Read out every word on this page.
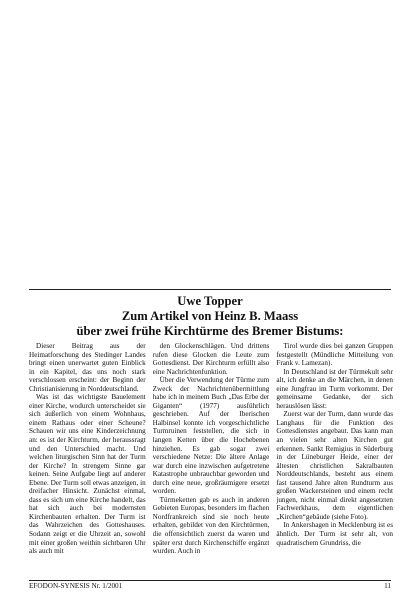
Uwe Topper
Zum Artikel von Heinz B. Maass
über zwei frühe Kirchtürme des Bremer Bistums:

Dieser Beitrag aus der Heimatforschung des Stedinger Landes bringt einen unerwartet guten Einblick in ein Kapitel, das uns noch stark verschlossen erscheint: der Beginn der Christianisierung in Norddeutschland.

Was ist das wichtigste Bauelement einer Kirche, wodurch unterscheidet sie sich äußerlich von einem Wohnhaus, einem Rathaus oder einer Scheune? Schauen wir uns eine Kinderzeichnung an: es ist der Kirchturm, der heraussragt und den Unterschied macht. Und welchen liturgischen Sinn hat der Turm der Kirche? In strengem Sinne gar keinen. Seine Aufgabe liegt auf anderer Ebene. Der Turm soll etwas anzeigen, in dreifacher Hinsicht. Zunächst einmal, dass es sich um eine Kirche handelt, das hat sich auch bei modernsten Kirchenbauten erhalten. Der Turm ist das Wahrzeichen des Gotteshauses. Sodann zeigt er die Uhrzeit an, sowohl mit einer großen weithin sichtbaren Uhr als auch mit

den Glockenschlägen. Und drittens rufen diese Glocken die Leute zum Gottesdienst. Der Kirchturm erfüllt also eine Nachrichtenfunktion.

Über die Verwendung der Türme zum Zweck der Nachrichtenübermittlung habe ich in meinem Buch „Das Erbe der Giganten“ (1977) ausführlich geschrieben. Auf der Iberischen Halbinsel konnte ich vorgeschichtliche Turmruinen feststellen, die sich in langen Ketten über die Hochebenen hinziehen. Es gab sogar zwei verschiedene Netze: Die ältere Anlage war durch eine inzwischen aufgetretene Katastrophe unbrauchbar geworden und durch eine neue, großräumigere ersetzt worden.

Türmeketten gab es auch in anderen Gebieten Europas, besonders im flachen Nordfrankreich sind sie noch heute erhalten, gebildet von den Kirchtürmen, die offensichtlich zuerst da waren und später erst durch Kirchenschiffe ergänzt wurden. Auch in

Tirol wurde dies bei ganzen Gruppen festgestellt (Mündliche Mitteilung von Frank v. Lamezan).

In Deutschland ist der Türmekult sehr alt, ich denke an die Märchen, in denen eine Jungfrau im Turm vorkommt. Der gemeinsame Gedanke, der sich herauslösen lässt:

Zuerst war der Turm, dann wurde das Langhaus für die Funktion des Gottesdienstes angebaut. Das kann man an vielen sehr alten Kirchen gut erkennen. Sankt Remigius in Süderburg in der Lüneburger Heide, einer der ältesten christlichen Sakralbauten Norddeutschlands, besteht aus einem fast tausend Jahre alten Rundturm aus großen Wackersteinen und einem recht jungen, nicht einmal direkt angesetzten Fachwerkhaus, dem eigentlichen „Kirchen“gebäude (siehe Foto).

In Ankershagen in Mecklenburg ist es ähnlich. Der Turm ist sehr alt, von quadratischem Grundriss, die

EFODON-SYNESIS Nr. 1/2001	11
